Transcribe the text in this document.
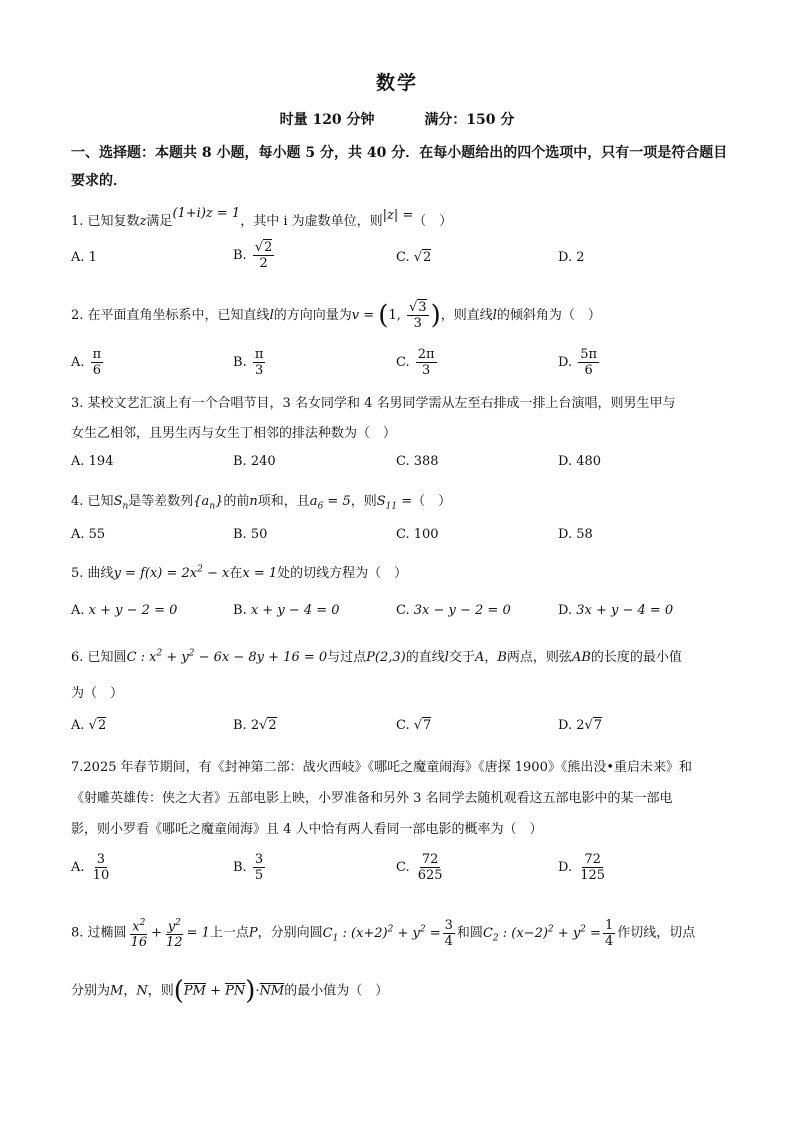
数学
时量 120 分钟	满分：150 分
一、选择题：本题共 8 小题，每小题 5 分，共 40 分．在每小题给出的四个选项中，只有一项是符合题目要求的．
1. 已知复数z满足(1+i)z = 1，其中 i 为虚数单位，则|z| =（　）
A. 1	B. $\frac{√2}{2}$	C. √2	D. 2
2. 在平面直角坐标系中，已知直线l的方向向量为v = (1, $\frac{√3}{3}$ )，则直线l的倾斜角为（　）
A. $\frac{\pi}{6}$	B. $\frac{\pi}{3}$	C. $\frac{2\pi}{3}$	D. $\frac{5\pi}{6}$
3. 某校文艺汇演上有一个合唱节目，3 名女同学和 4 名男同学需从左至右排成一排上台演唱，则男生甲与
女生乙相邻，且男生丙与女生丁相邻的排法种数为（　）
A. 194	B. 240	C. 388	D. 480
4. 已知$S_n$是等差数列$\{a_n\}$的前n项和，且$a_6 = 5$，则$S_{11}$ =（　）
A. 55	B. 50	C. 100	D. 58
5. 曲线$y = f(x) = 2x^2 - x$在x = 1处的切线方程为（　）
A. x + y − 2 = 0	B. x + y − 4 = 0	C. 3x − y − 2 = 0	D. 3x + y − 4 = 0
6. 已知圆C : $x^2 + y^2 - 6x - 8y + 16 = 0$与过点P(2,3)的直线l交于A，B两点，则弦AB的长度的最小值
为（　）
A. √2	B. 2√2	C. √7	D. 2√7
7.2025 年春节期间，有《封神第二部：战火西岐》《哪吒之魔童闹海》《唐探 1900》《熊出没•重启未来》和
《射雕英雄传：侠之大者》五部电影上映，小罗准备和另外 3 名同学去随机观看这五部电影中的某一部电
影，则小罗看《哪吒之魔童闹海》且 4 人中恰有两人看同一部电影的概率为（　）
A. $\frac{3}{10}$	B. $\frac{3}{5}$	C. $\frac{72}{625}$	D. $\frac{72}{125}$
8. 过椭圆 $\frac{x^2}{16} + \frac{y^2}{12} = 1$上一点P，分别向圆$C_1$ : $(x+2)^2 + y^2 = \frac{3}{4}$ 和圆$C_2$ : $(x-2)^2 + y^2 = \frac{1}{4}$ 作切线，切点
分别为M，N，则$(\overline{PM} + \overline{PN})\cdot\overline{NM}$的最小值为（　）
